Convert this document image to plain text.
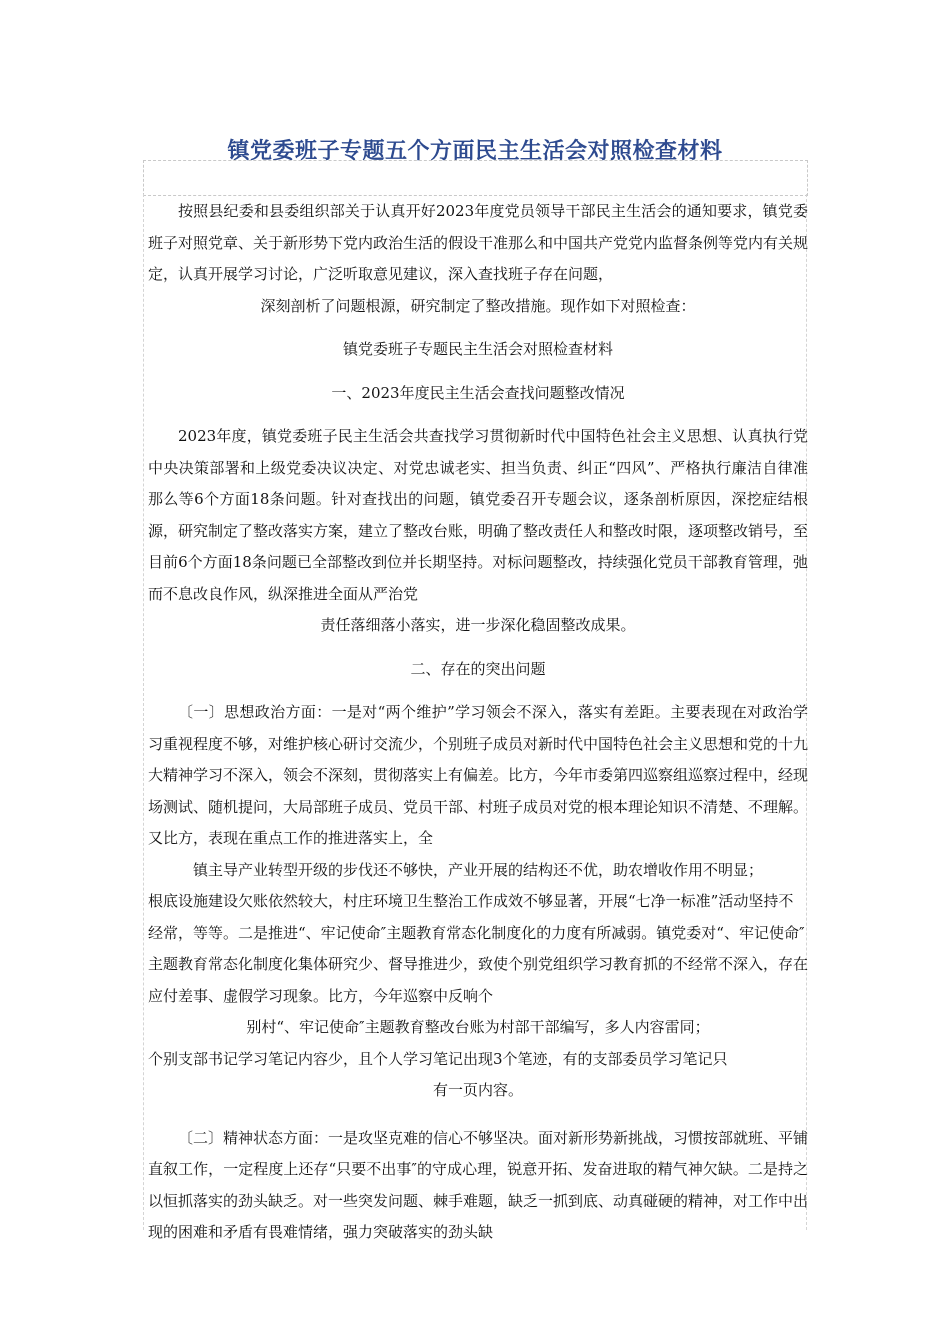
镇党委班子专题五个方面民主生活会对照检查材料

按照县纪委和县委组织部关于认真开好2023年度党员领导干部民主生活会的通知要求，镇党委班子对照党章、关于新形势下党内政治生活的假设干准那么和中国共产党党内监督条例等党内有关规定，认真开展学习讨论，广泛听取意见建议，深入查找班子存在问题，

深刻剖析了问题根源，研究制定了整改措施。现作如下对照检查：

镇党委班子专题民主生活会对照检查材料

一、2023年度民主生活会查找问题整改情况

2023年度，镇党委班子民主生活会共查找学习贯彻新时代中国特色社会主义思想、认真执行党中央决策部署和上级党委决议决定、对党忠诚老实、担当负责、纠正“四风”、严格执行廉洁自律准那么等6个方面18条问题。针对查找出的问题，镇党委召开专题会议，逐条剖析原因，深挖症结根源，研究制定了整改落实方案，建立了整改台账，明确了整改责任人和整改时限，逐项整改销号，至目前6个方面18条问题已全部整改到位并长期坚持。对标问题整改，持续强化党员干部教育管理，弛而不息改良作风，纵深推进全面从严治党

责任落细落小落实，进一步深化稳固整改成果。

二、存在的突出问题

〔一〕思想政治方面：一是对“两个维护”学习领会不深入，落实有差距。主要表现在对政治学习重视程度不够，对维护核心研讨交流少，个别班子成员对新时代中国特色社会主义思想和党的十九大精神学习不深入，领会不深刻，贯彻落实上有偏差。比方，今年市委第四巡察组巡察过程中，经现场测试、随机提问，大局部班子成员、党员干部、村班子成员对党的根本理论知识不清楚、不理解。又比方，表现在重点工作的推进落实上，全

镇主导产业转型开级的步伐还不够快，产业开展的结构还不优，助农增收作用不明显；

根底设施建设欠账依然较大，村庄环境卫生整治工作成效不够显著，开展“七净一标准”活动坚持不经常，等等。二是推进“、牢记使命″主题教育常态化制度化的力度有所减弱。镇党委对“、牢记使命″主题教育常态化制度化集体研究少、督导推进少，致使个别党组织学习教育抓的不经常不深入，存在应付差事、虚假学习现象。比方，今年巡察中反响个

别村“、牢记使命″主题教育整改台账为村部干部编写，多人内容雷同；

个别支部书记学习笔记内容少，且个人学习笔记出现3个笔迹，有的支部委员学习笔记只

有一页内容。

〔二〕精神状态方面：一是攻坚克难的信心不够坚决。面对新形势新挑战，习惯按部就班、平铺直叙工作，一定程度上还存“只要不出事″的守成心理，锐意开拓、发奋进取的精气神欠缺。二是持之以恒抓落实的劲头缺乏。对一些突发问题、棘手难题，缺乏一抓到底、动真碰硬的精神，对工作中出现的困难和矛盾有畏难情绪，强力突破落实的劲头缺
